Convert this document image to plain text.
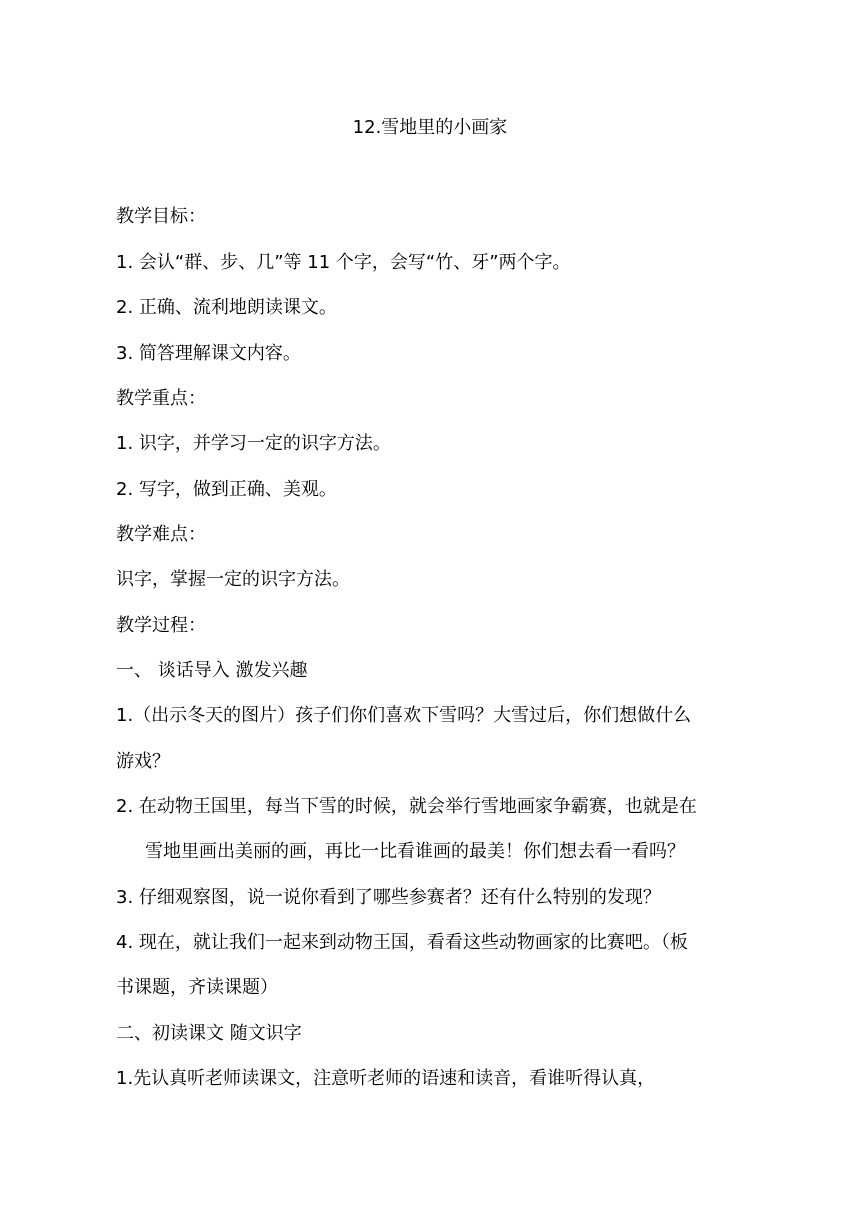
12.雪地里的小画家
教学目标：
1. 会认“群、步、几”等 11 个字，会写“竹、牙”两个字。
2. 正确、流利地朗读课文。
3. 简答理解课文内容。
教学重点：
1. 识字，并学习一定的识字方法。
2. 写字，做到正确、美观。
教学难点：
识字，掌握一定的识字方法。
教学过程：
一、 谈话导入 激发兴趣
1.（出示冬天的图片）孩子们你们喜欢下雪吗？大雪过后，你们想做什么
游戏？
2. 在动物王国里，每当下雪的时候，就会举行雪地画家争霸赛，也就是在
雪地里画出美丽的画，再比一比看谁画的最美！你们想去看一看吗？
3. 仔细观察图，说一说你看到了哪些参赛者？还有什么特别的发现？
4. 现在，就让我们一起来到动物王国，看看这些动物画家的比赛吧。（板
书课题，齐读课题）
二、初读课文 随文识字
1.先认真听老师读课文，注意听老师的语速和读音，看谁听得认真，
